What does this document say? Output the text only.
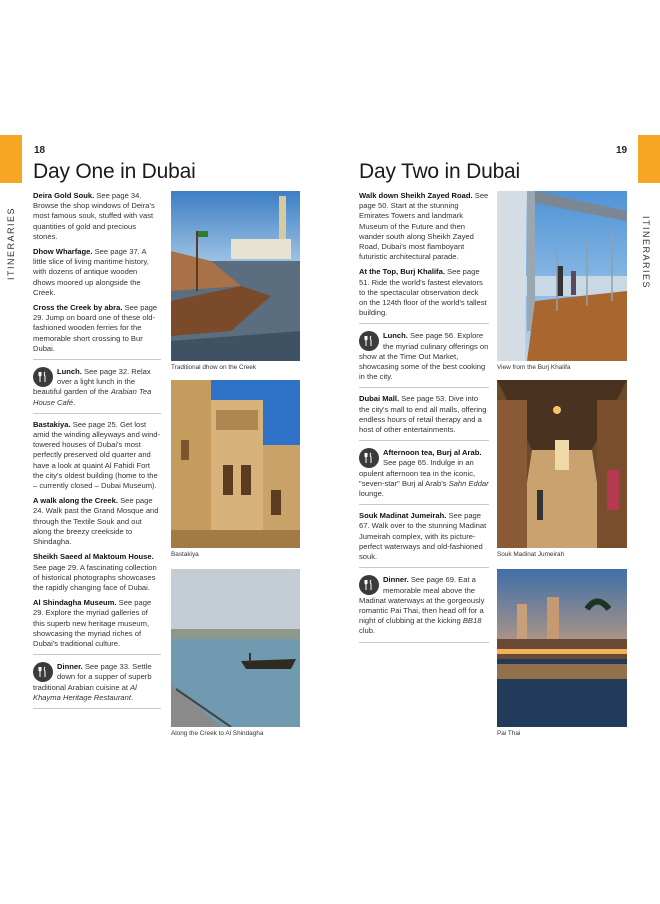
ITINERARIES
18
Day One in Dubai
Deira Gold Souk. See page 34. Browse the shop windows of Deira's most famous souk, stuffed with vast quantities of gold and precious stones.
Dhow Wharfage. See page 37. A little slice of living maritime history, with dozens of antique wooden dhows moored up alongside the Creek.
Cross the Creek by abra. See page 29. Jump on board one of these old-fashioned wooden ferries for the memorable short crossing to Bur Dubai.
Lunch. See page 32. Relax over a light lunch in the beautiful garden of the Arabian Tea House Café.
Bastakiya. See page 25. Get lost amid the winding alleyways and wind-towered houses of Dubai's most perfectly preserved old quarter and have a look at quaint Al Fahidi Fort the city's oldest building (home to the – currently closed – Dubai Museum).
A walk along the Creek. See page 24. Walk past the Grand Mosque and through the Textile Souk and out along the breezy creekside to Shindagha.
Sheikh Saeed al Maktoum House. See page 29. A fascinating collection of historical photographs showcases the rapidly changing face of Dubai.
Al Shindagha Museum. See page 29. Explore the myriad galleries of this superb new heritage museum, showcasing the myriad riches of Dubai's traditional culture.
Dinner. See page 33. Settle down for a supper of superb traditional Arabian cuisine at Al Khayma Heritage Restaurant.
Traditional dhow on the Creek
Bastakiya
Along the Creek to Al Shindagha
ITINERARIES
19
Day Two in Dubai
Walk down Sheikh Zayed Road. See page 50. Start at the stunning Emirates Towers and landmark Museum of the Future and then wander south along Sheikh Zayed Road, Dubai's most flamboyant futuristic architectural parade.
At the Top, Burj Khalifa. See page 51. Ride the world's fastest elevators to the spectacular observation deck on the 124th floor of the world's tallest building.
Lunch. See page 56. Explore the myriad culinary offerings on show at the Time Out Market, showcasing some of the best cooking in the city.
Dubai Mall. See page 53. Dive into the city's mall to end all malls, offering endless hours of retail therapy and a host of other entertainments.
Afternoon tea, Burj al Arab. See page 65. Indulge in an opulent afternoon tea in the iconic, "seven-star" Burj al Arab's Sahn Eddar lounge.
Souk Madinat Jumeirah. See page 67. Walk over to the stunning Madinat Jumeirah complex, with its picture-perfect waterways and old-fashioned souk.
Dinner. See page 69. Eat a memorable meal above the Madinat waterways at the gorgeously romantic Pai Thai, then head off for a night of clubbing at the kicking BB18 club.
View from the Burj Khalifa
Souk Madinat Jumeirah
Pai Thai
